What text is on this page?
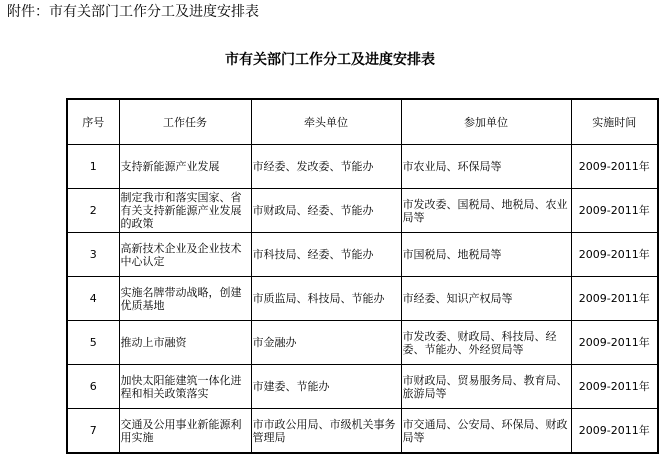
附件：市有关部门工作分工及进度安排表
市有关部门工作分工及进度安排表
序号	工作任务	牵头单位	参加单位	实施时间
1	支持新能源产业发展	市经委、发改委、节能办	市农业局、环保局等	2009-2011年
2	制定我市和落实国家、省有关支持新能源产业发展的政策	市财政局、经委、节能办	市发改委、国税局、地税局、农业局等	2009-2011年
3	高新技术企业及企业技术中心认定	市科技局、经委、节能办	市国税局、地税局等	2009-2011年
4	实施名牌带动战略，创建优质基地	市质监局、科技局、节能办	市经委、知识产权局等	2009-2011年
5	推动上市融资	市金融办	市发改委、财政局、科技局、经委、节能办、外经贸局等	2009-2011年
6	加快太阳能建筑一体化进程和相关政策落实	市建委、节能办	市财政局、贸易服务局、教育局、旅游局等	2009-2011年
7	交通及公用事业新能源利用实施	市市政公用局、市级机关事务管理局	市交通局、公安局、环保局、财政局等	2009-2011年
